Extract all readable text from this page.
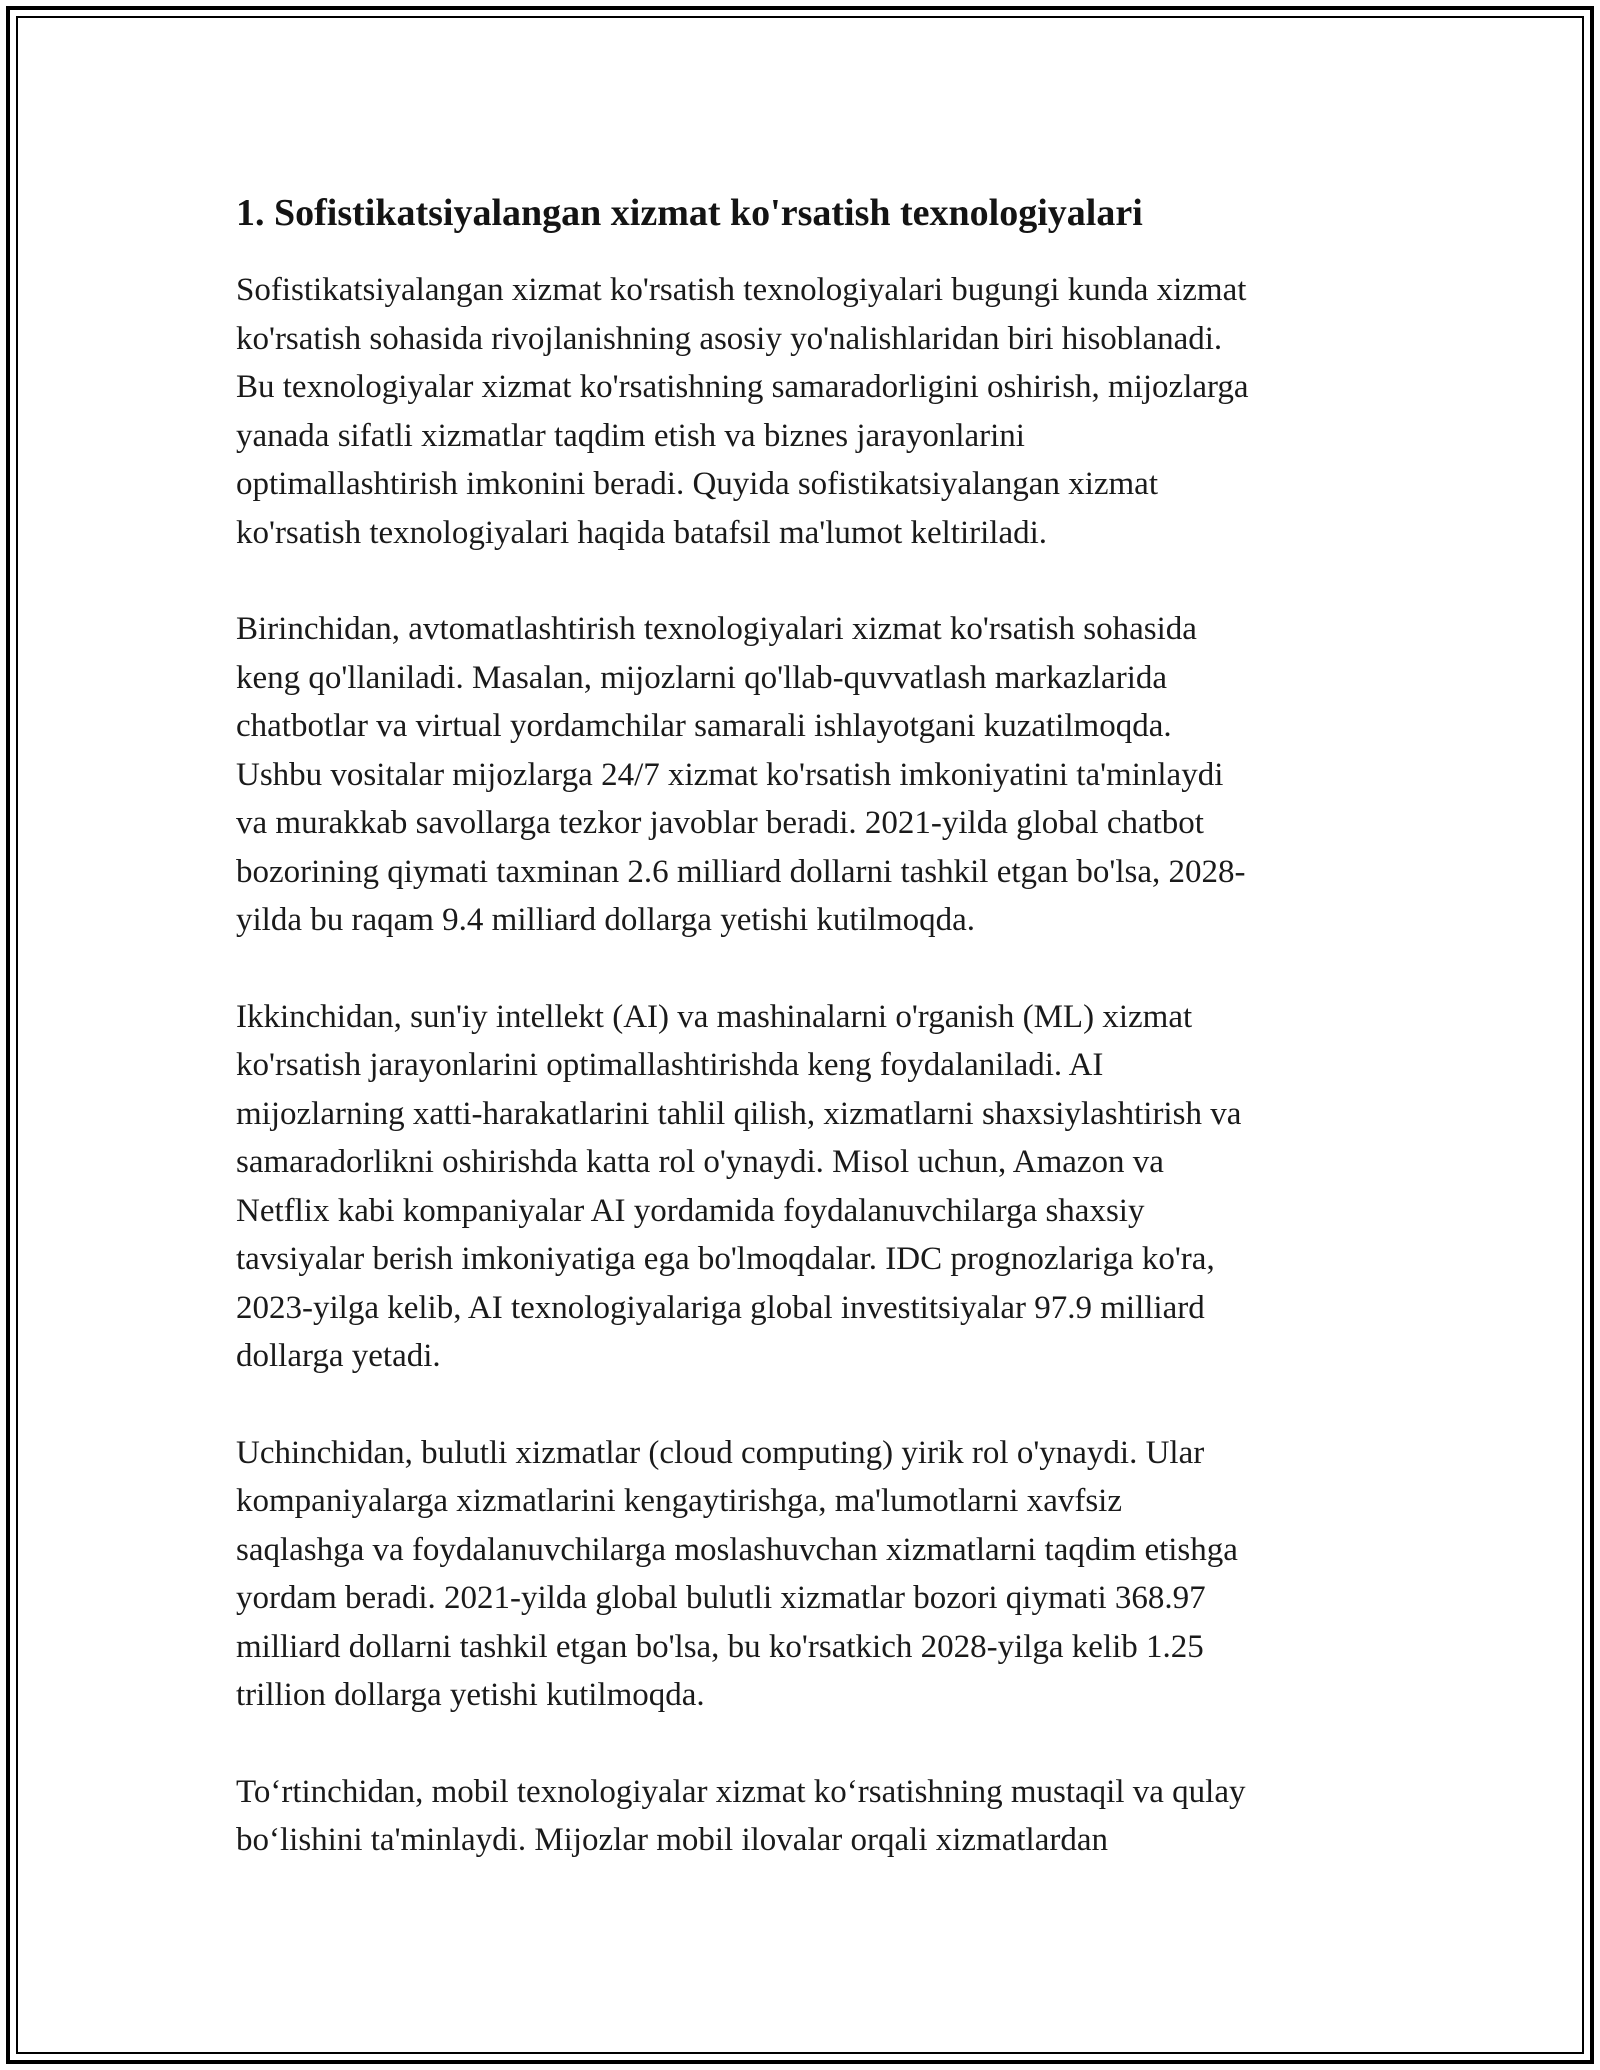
1. Sofistikatsiyalangan xizmat ko'rsatish texnologiyalari
Sofistikatsiyalangan xizmat ko'rsatish texnologiyalari bugungi kunda xizmat
ko'rsatish sohasida rivojlanishning asosiy yo'nalishlaridan biri hisoblanadi.
Bu texnologiyalar xizmat ko'rsatishning samaradorligini oshirish, mijozlarga
yanada sifatli xizmatlar taqdim etish va biznes jarayonlarini
optimallashtirish imkonini beradi. Quyida sofistikatsiyalangan xizmat
ko'rsatish texnologiyalari haqida batafsil ma'lumot keltiriladi.
Birinchidan, avtomatlashtirish texnologiyalari xizmat ko'rsatish sohasida
keng qo'llaniladi. Masalan, mijozlarni qo'llab-quvvatlash markazlarida
chatbotlar va virtual yordamchilar samarali ishlayotgani kuzatilmoqda.
Ushbu vositalar mijozlarga 24/7 xizmat ko'rsatish imkoniyatini ta'minlaydi
va murakkab savollarga tezkor javoblar beradi. 2021-yilda global chatbot
bozorining qiymati taxminan 2.6 milliard dollarni tashkil etgan bo'lsa, 2028-
yilda bu raqam 9.4 milliard dollarga yetishi kutilmoqda.
Ikkinchidan, sun'iy intellekt (AI) va mashinalarni o'rganish (ML) xizmat
ko'rsatish jarayonlarini optimallashtirishda keng foydalaniladi. AI
mijozlarning xatti-harakatlarini tahlil qilish, xizmatlarni shaxsiylashtirish va
samaradorlikni oshirishda katta rol o'ynaydi. Misol uchun, Amazon va
Netflix kabi kompaniyalar AI yordamida foydalanuvchilarga shaxsiy
tavsiyalar berish imkoniyatiga ega bo'lmoqdalar. IDC prognozlariga ko'ra,
2023-yilga kelib, AI texnologiyalariga global investitsiyalar 97.9 milliard
dollarga yetadi.
Uchinchidan, bulutli xizmatlar (cloud computing) yirik rol o'ynaydi. Ular
kompaniyalarga xizmatlarini kengaytirishga, ma'lumotlarni xavfsiz
saqlashga va foydalanuvchilarga moslashuvchan xizmatlarni taqdim etishga
yordam beradi. 2021-yilda global bulutli xizmatlar bozori qiymati 368.97
milliard dollarni tashkil etgan bo'lsa, bu ko'rsatkich 2028-yilga kelib 1.25
trillion dollarga yetishi kutilmoqda.
To‘rtinchidan, mobil texnologiyalar xizmat ko‘rsatishning mustaqil va qulay
bo‘lishini ta'minlaydi. Mijozlar mobil ilovalar orqali xizmatlardan
